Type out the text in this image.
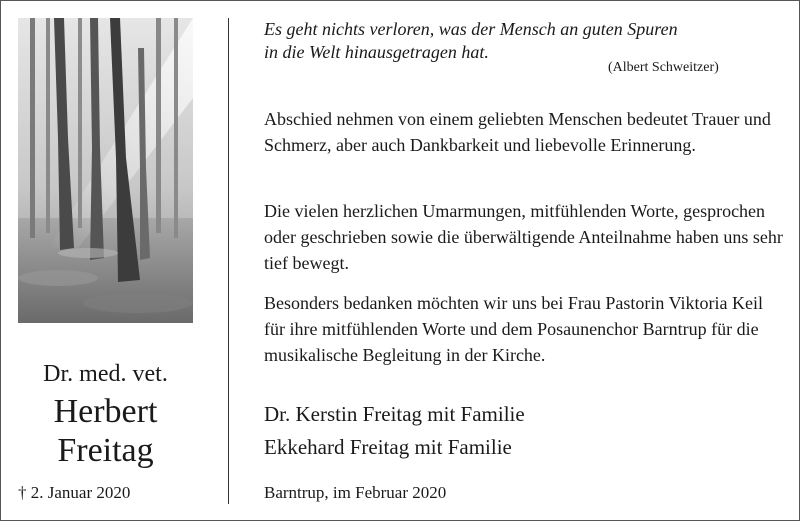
Dr. med. vet.
Herbert
Freitag
† 2. Januar 2020

Es geht nichts verloren, was der Mensch an guten Spuren

in die Welt hinausgetragen hat.

(Albert Schweitzer)

Abschied nehmen von einem geliebten Menschen bedeutet Trauer und Schmerz, aber auch Dankbarkeit und liebevolle Erinnerung.

Die vielen herzlichen Umarmungen, mitfühlenden Worte, gesprochen oder geschrieben sowie die überwältigende Anteilnahme haben uns sehr tief bewegt.

Besonders bedanken möchten wir uns bei Frau Pastorin Viktoria Keil für ihre mitfühlenden Worte und dem Posaunenchor Barntrup für die musikalische Begleitung in der Kirche.

Dr. Kerstin Freitag mit Familie
Ekkehard Freitag mit Familie
Barntrup, im Februar 2020
